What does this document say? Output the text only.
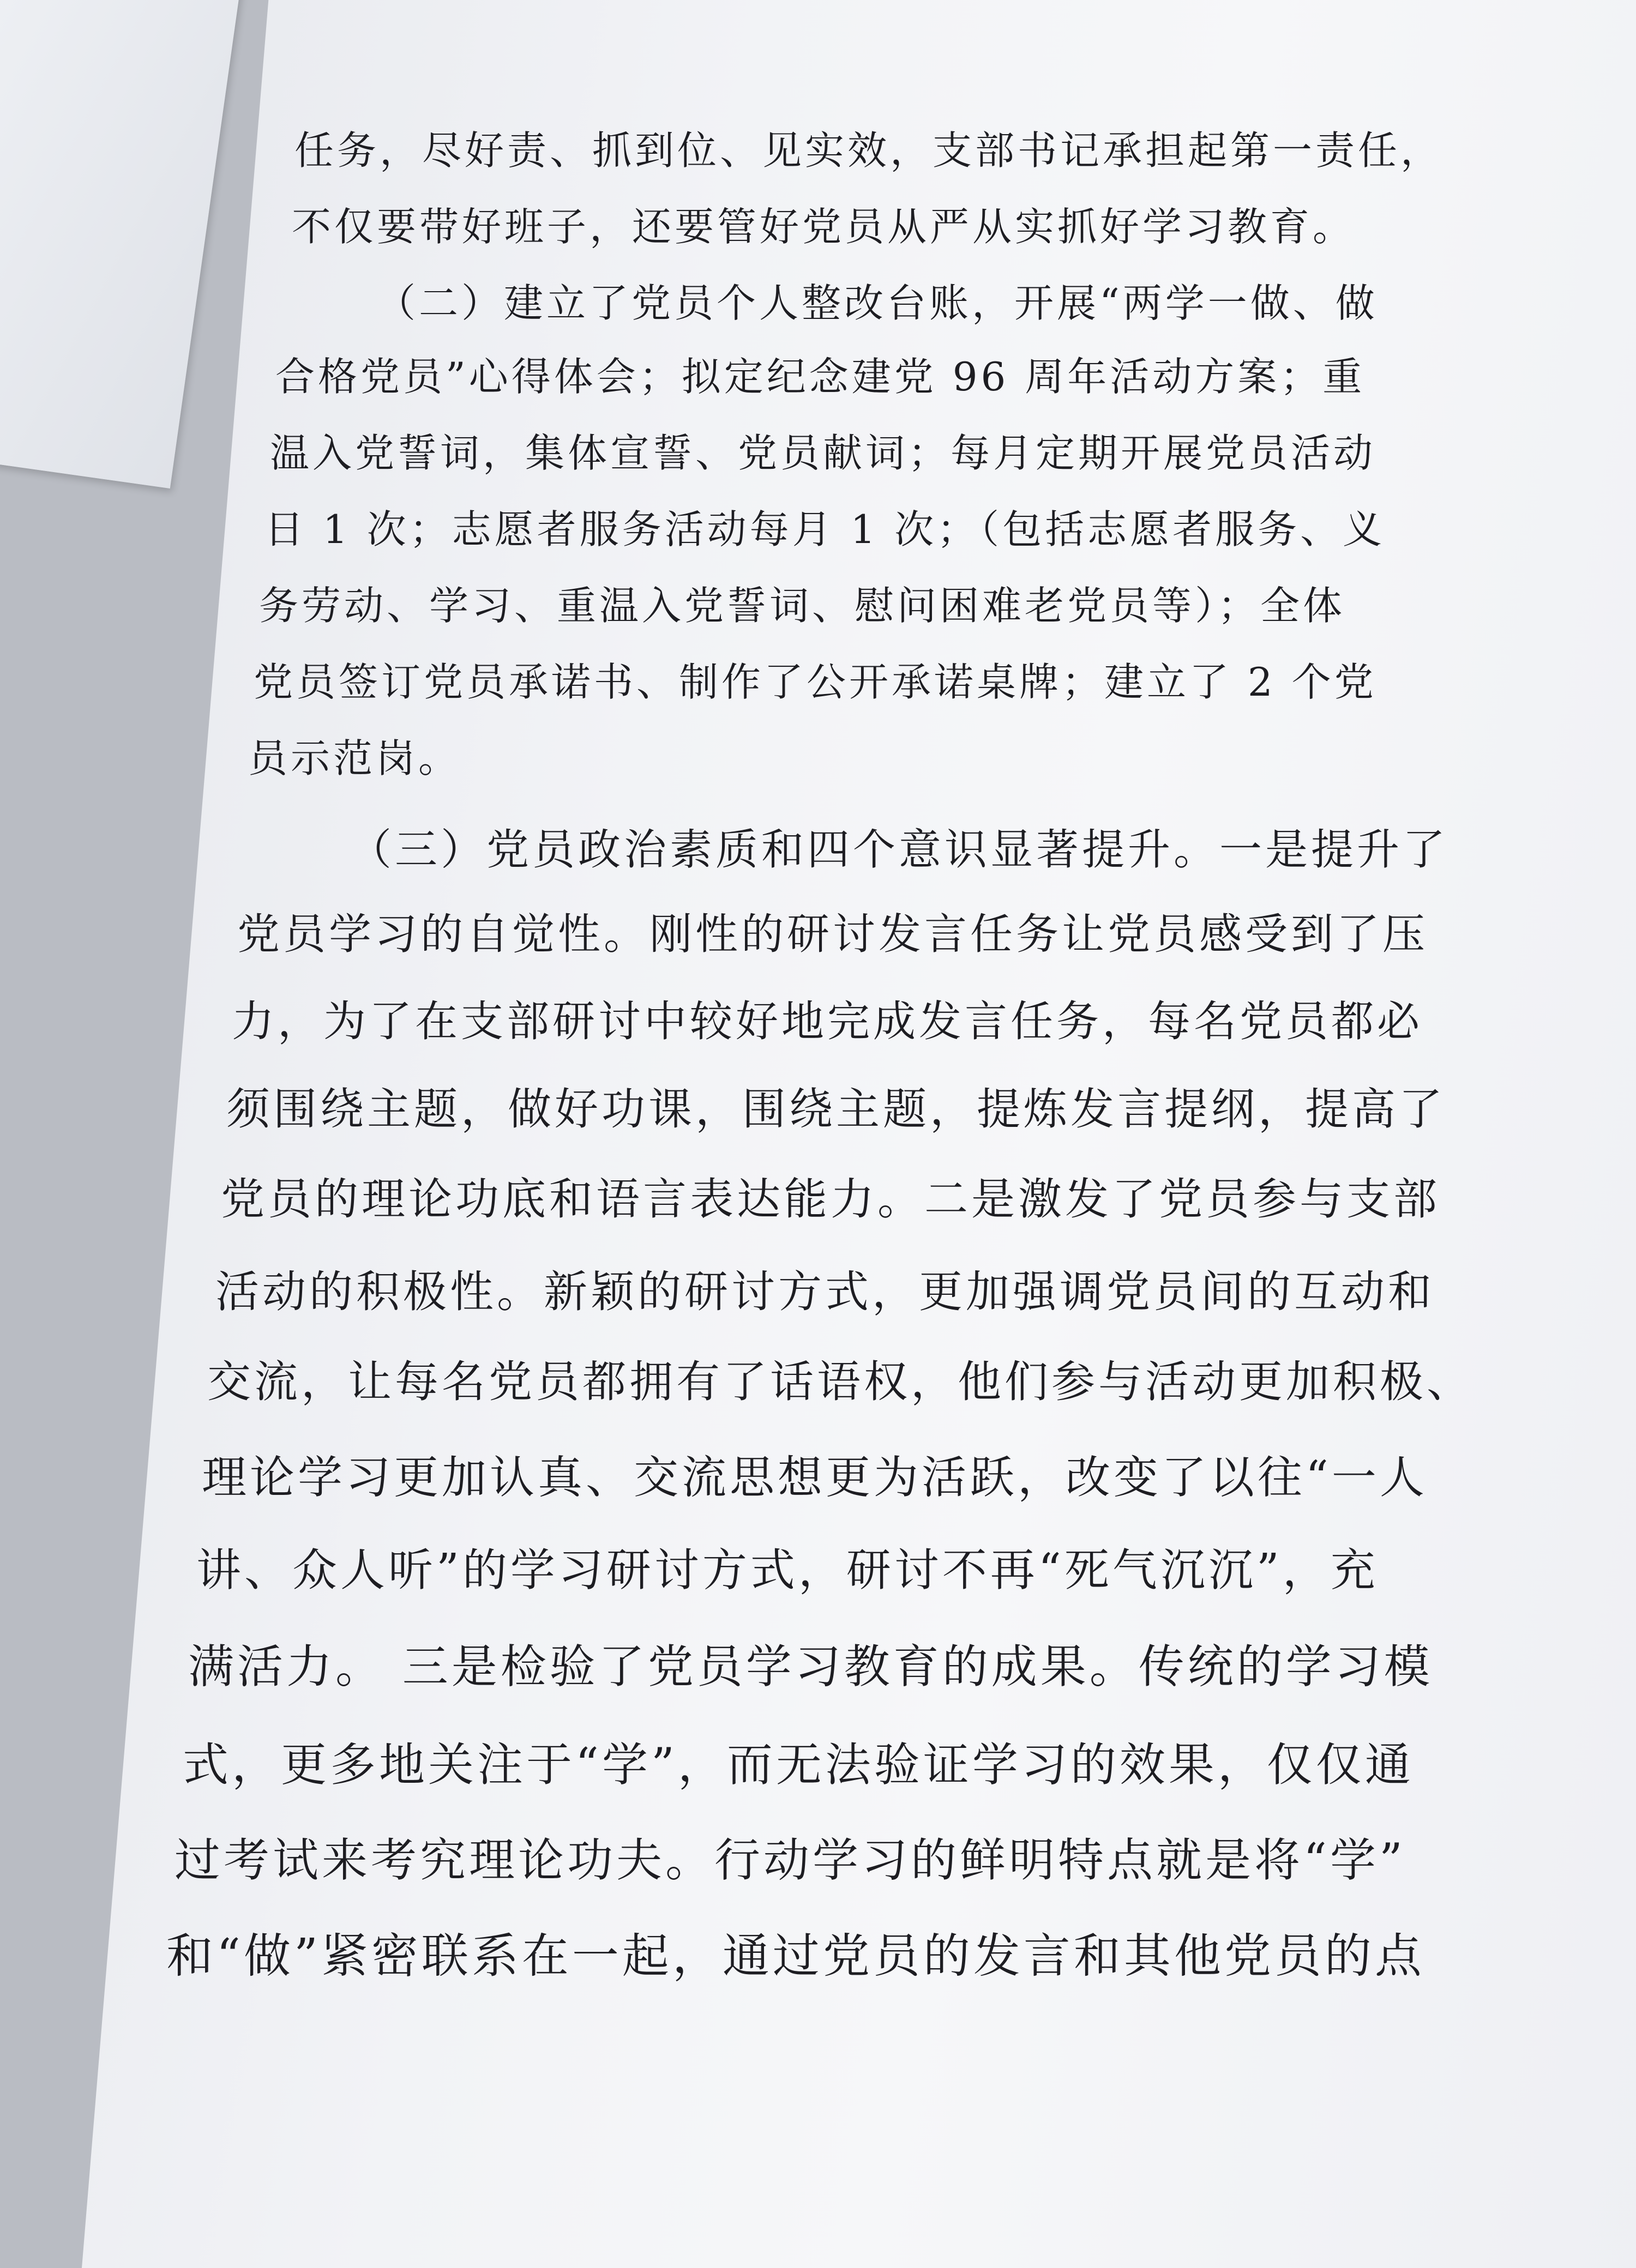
任务，尽好责、抓到位、见实效，支部书记承担起第一责任，
不仅要带好班子，还要管好党员从严从实抓好学习教育。
（二）建立了党员个人整改台账，开展“两学一做、做
合格党员”心得体会；拟定纪念建党 96 周年活动方案；重
温入党誓词，集体宣誓、党员献词；每月定期开展党员活动
日 1 次；志愿者服务活动每月 1 次；（包括志愿者服务、义
务劳动、学习、重温入党誓词、慰问困难老党员等）；全体
党员签订党员承诺书、制作了公开承诺桌牌；建立了 2 个党
员示范岗。
（三）党员政治素质和四个意识显著提升。一是提升了
党员学习的自觉性。刚性的研讨发言任务让党员感受到了压
力，为了在支部研讨中较好地完成发言任务，每名党员都必
须围绕主题，做好功课，围绕主题，提炼发言提纲，提高了
党员的理论功底和语言表达能力。二是激发了党员参与支部
活动的积极性。新颖的研讨方式，更加强调党员间的互动和
交流，让每名党员都拥有了话语权，他们参与活动更加积极、
理论学习更加认真、交流思想更为活跃，改变了以往“一人
讲、众人听”的学习研讨方式，研讨不再“死气沉沉”，充
满活力。 三是检验了党员学习教育的成果。传统的学习模
式，更多地关注于“学”，而无法验证学习的效果，仅仅通
过考试来考究理论功夫。行动学习的鲜明特点就是将“学”
和“做”紧密联系在一起，通过党员的发言和其他党员的点
